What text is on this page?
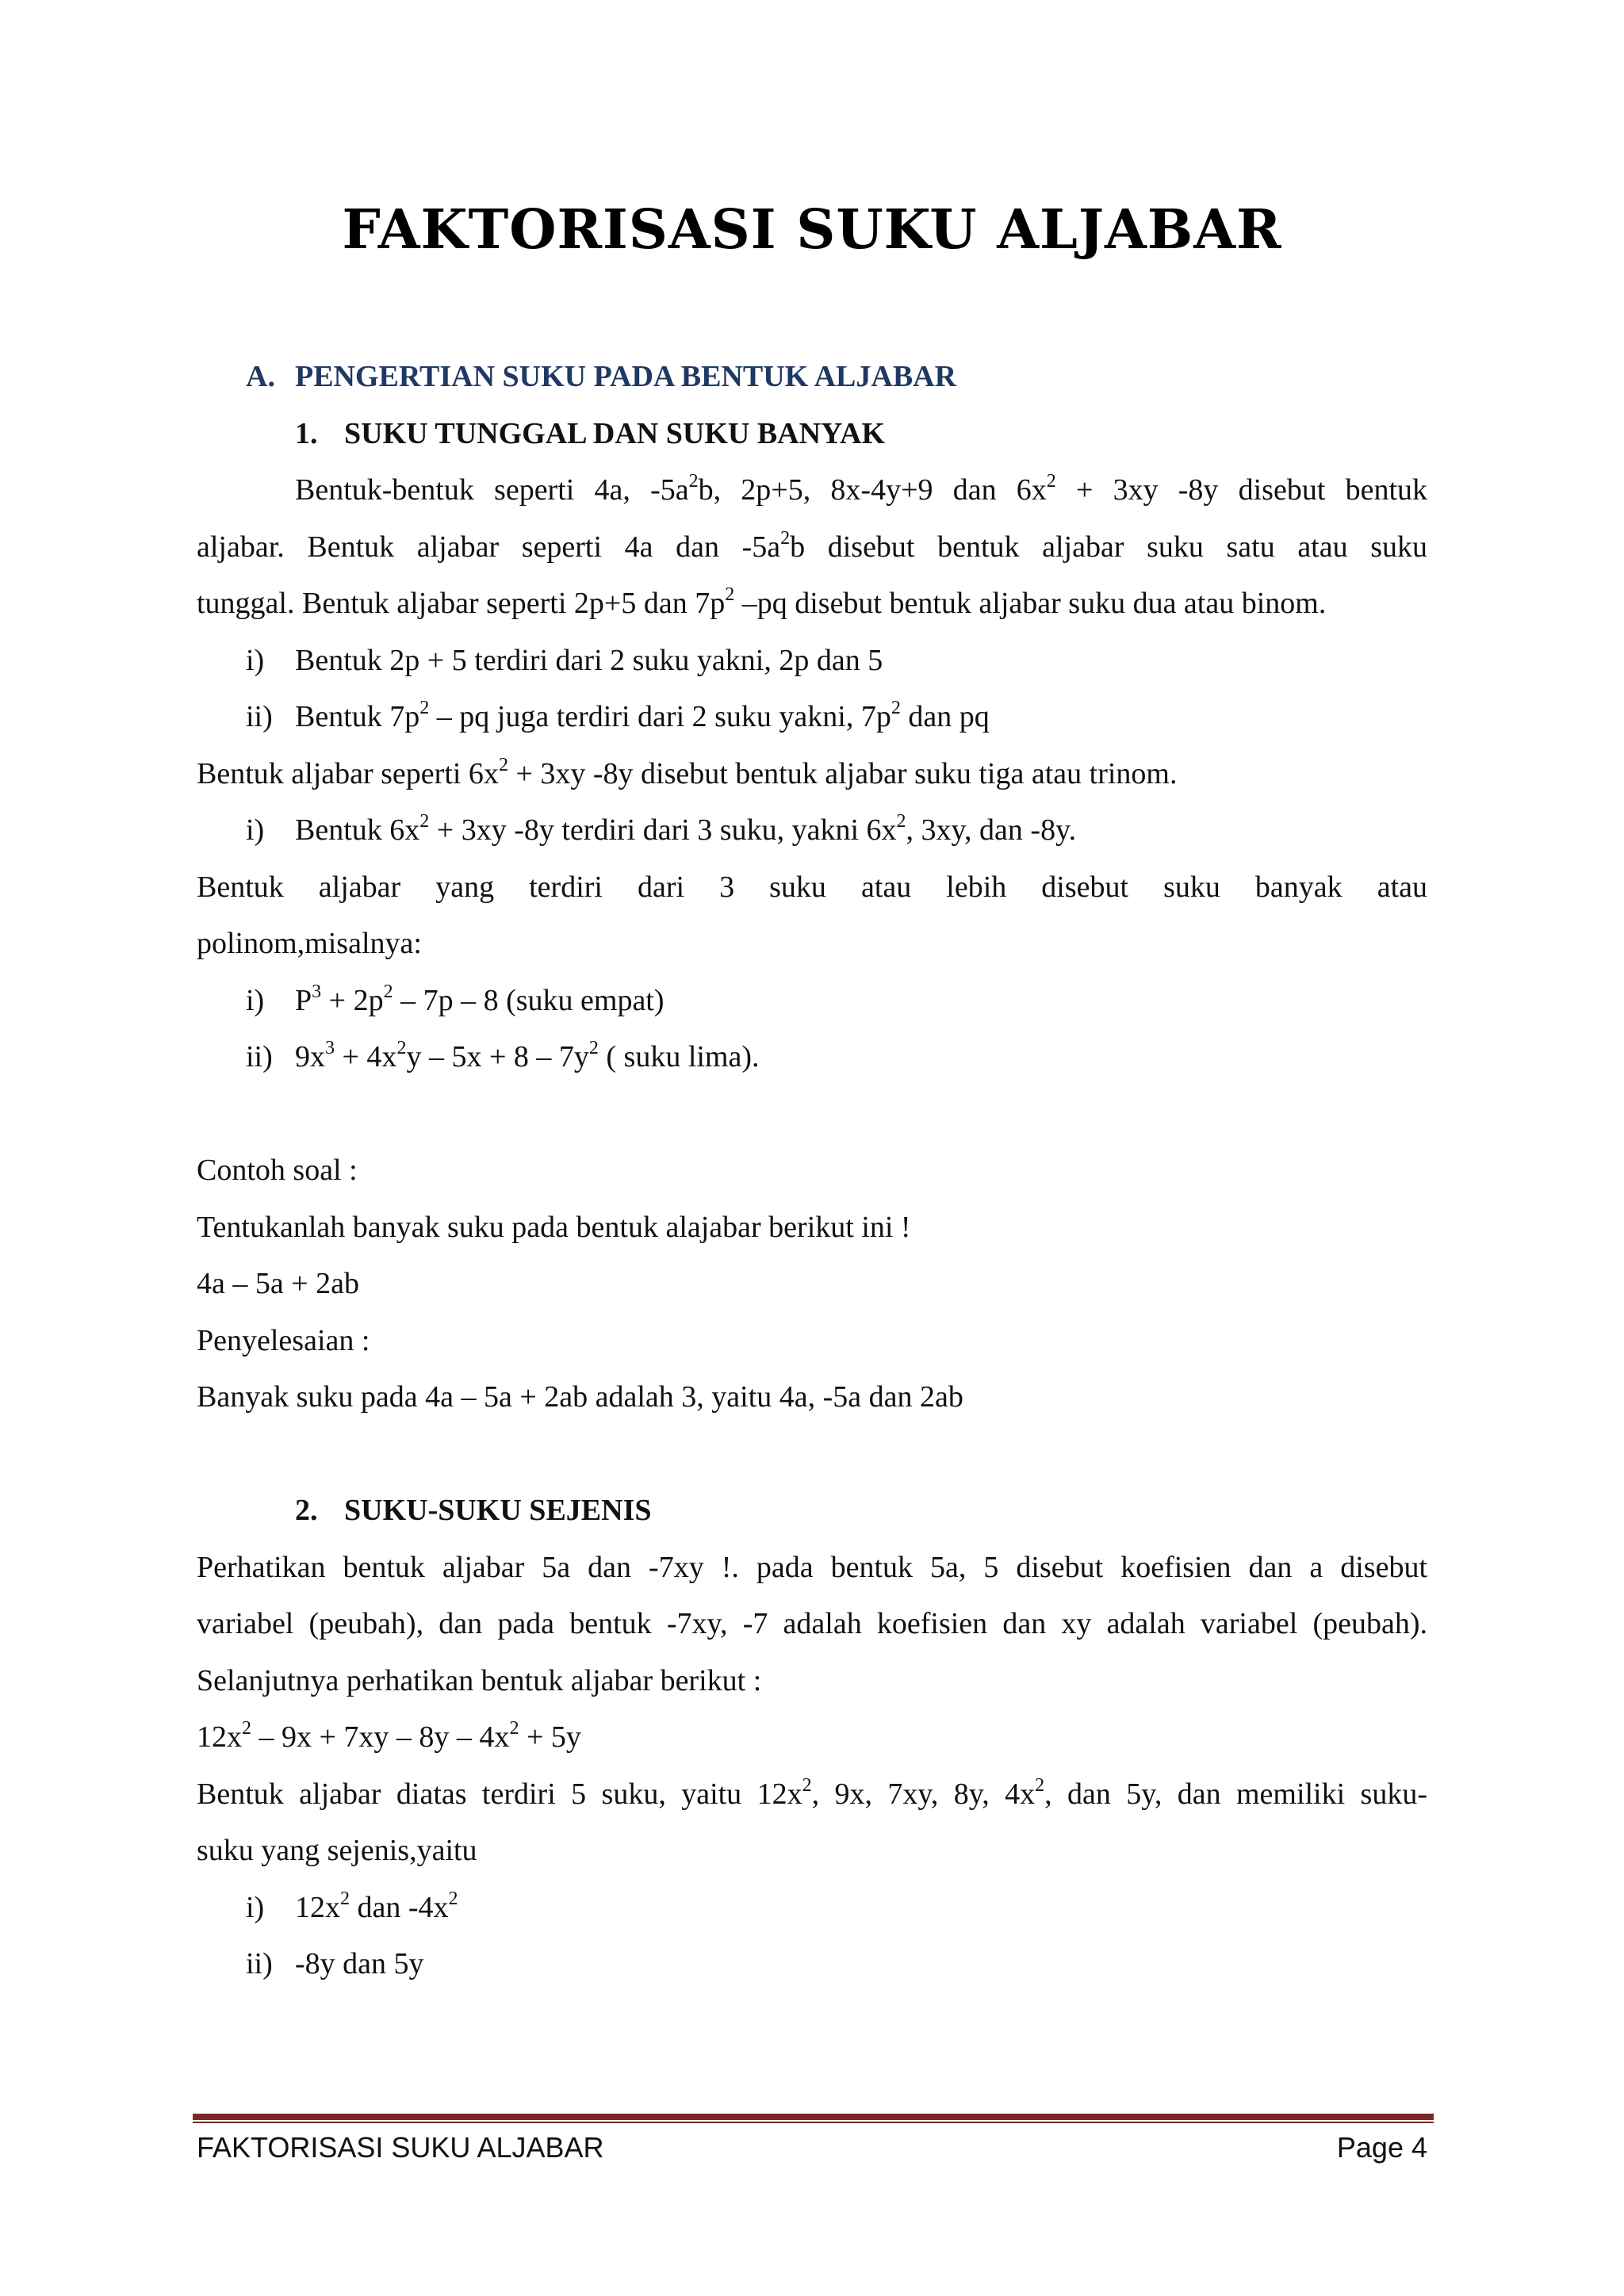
FAKTORISASI SUKU ALJABAR
A. PENGERTIAN SUKU PADA BENTUK ALJABAR
1. SUKU TUNGGAL DAN SUKU BANYAK
Bentuk-bentuk seperti 4a, $-5a^2b$, 2p+5, 8x-4y+9 dan $6x^2 + 3xy$ -8y disebut bentuk
aljabar. Bentuk aljabar seperti 4a dan $-5a^2b$ disebut bentuk aljabar suku satu atau suku
tunggal. Bentuk aljabar seperti 2p+5 dan $7p^2$ –pq disebut bentuk aljabar suku dua atau binom.
i) Bentuk 2p + 5 terdiri dari 2 suku yakni, 2p dan 5
ii) Bentuk $7p^2$ – pq juga terdiri dari 2 suku yakni, $7p^2$ dan pq
Bentuk aljabar seperti $6x^2 + 3xy$ -8y disebut bentuk aljabar suku tiga atau trinom.
i) Bentuk $6x^2 + 3xy$ -8y terdiri dari 3 suku, yakni $6x^2$, 3xy, dan -8y.
Bentuk aljabar yang terdiri dari 3 suku atau lebih disebut suku banyak atau
polinom,misalnya:
i) $P^3 + 2p^2 - 7p - 8$ (suku empat)
ii) $9x^3 + 4x^2y - 5x + 8 - 7y^2$ ( suku lima).
Contoh soal :
Tentukanlah banyak suku pada bentuk alajabar berikut ini !
4a – 5a + 2ab
Penyelesaian :
Banyak suku pada 4a – 5a + 2ab adalah 3, yaitu 4a, -5a dan 2ab
2. SUKU-SUKU SEJENIS
Perhatikan bentuk aljabar 5a dan -7xy !. pada bentuk 5a, 5 disebut koefisien dan a disebut
variabel (peubah), dan pada bentuk -7xy, -7 adalah koefisien dan xy adalah variabel (peubah).
Selanjutnya perhatikan bentuk aljabar berikut :
$12x^2 - 9x + 7xy - 8y - 4x^2 + 5y$
Bentuk aljabar diatas terdiri 5 suku, yaitu $12x^2$, 9x, 7xy, 8y, $4x^2$, dan 5y, dan memiliki suku-
suku yang sejenis,yaitu
i) $12x^2$ dan $-4x^2$
ii) -8y dan 5y
FAKTORISASI SUKU ALJABAR	Page 4
